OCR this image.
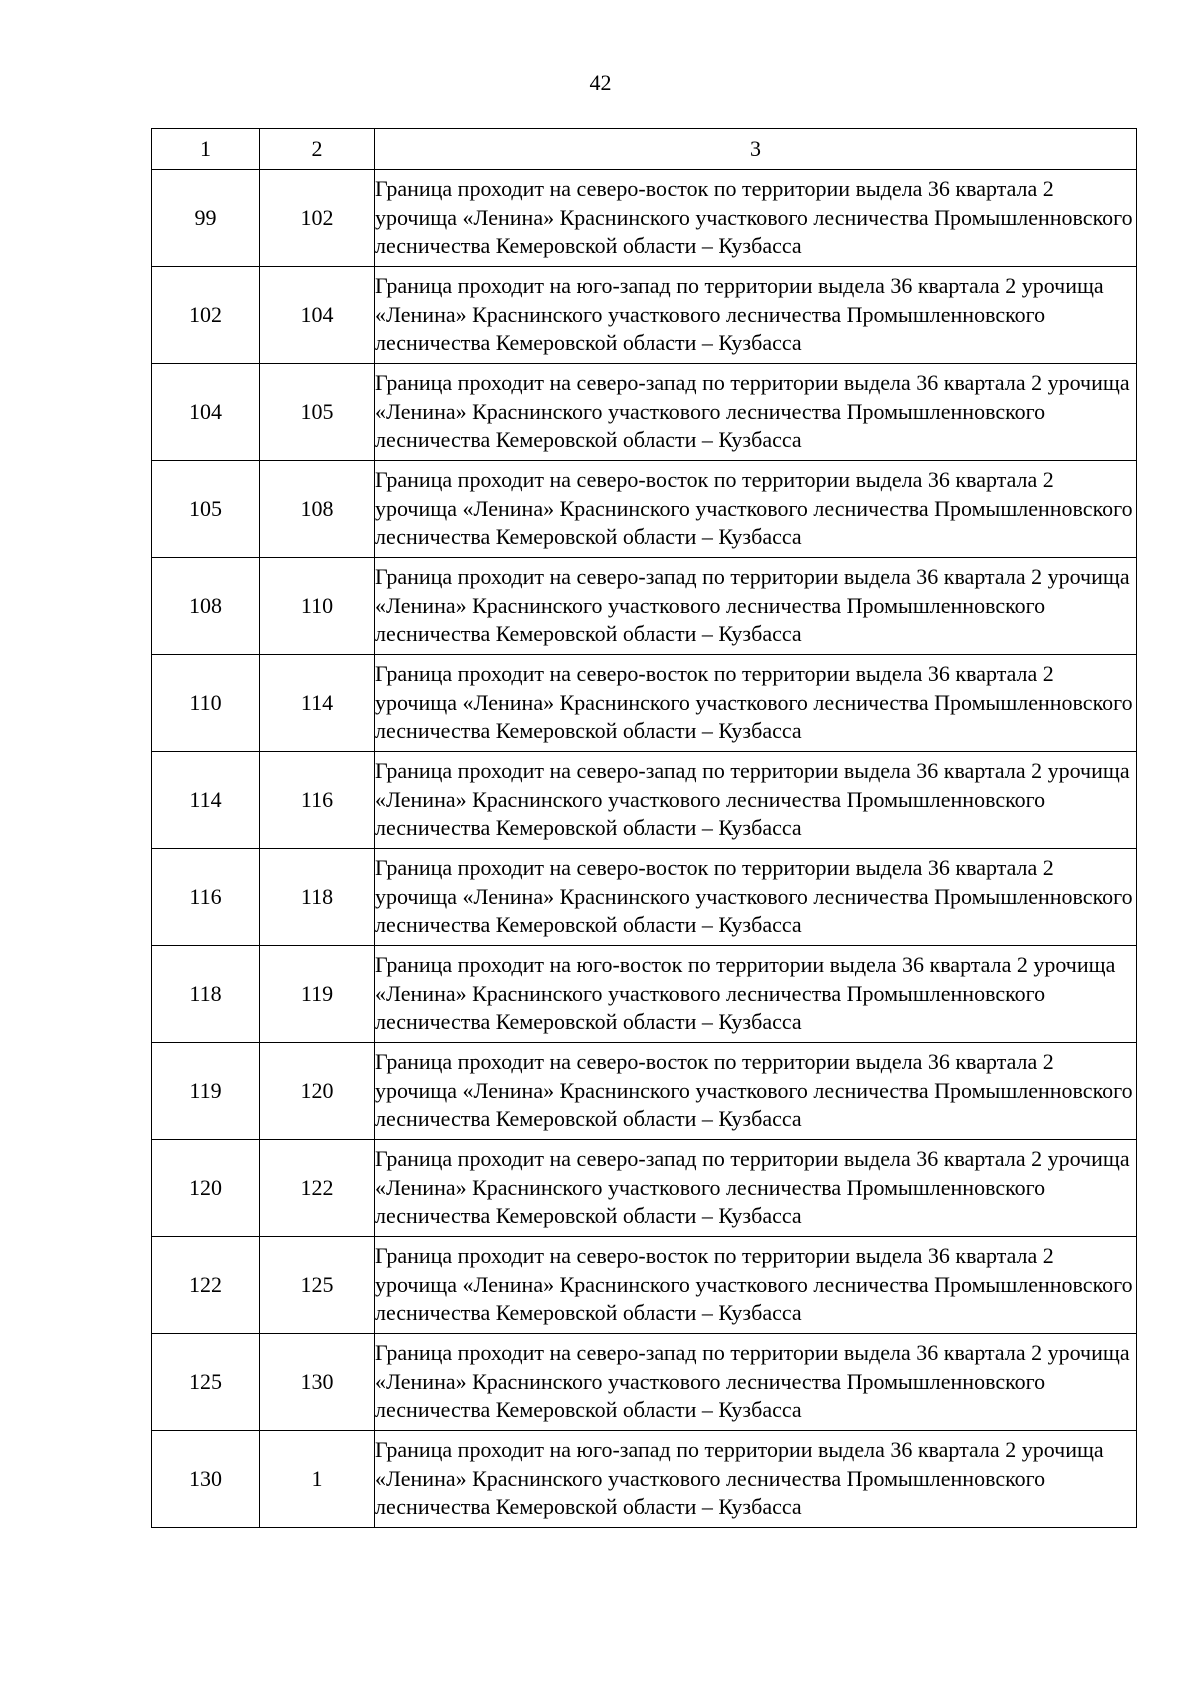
42
1	2	3
99	102	Граница проходит на северо-восток по территории выдела 36 квартала 2 урочища «Ленина» Краснинского участкового лесничества Промышленновского лесничества Кемеровской области – Кузбасса
102	104	Граница проходит на юго-запад по территории выдела 36 квартала 2 урочища «Ленина» Краснинского участкового лесничества Промышленновского лесничества Кемеровской области – Кузбасса
104	105	Граница проходит на северо-запад по территории выдела 36 квартала 2 урочища «Ленина» Краснинского участкового лесничества Промышленновского лесничества Кемеровской области – Кузбасса
105	108	Граница проходит на северо-восток по территории выдела 36 квартала 2 урочища «Ленина» Краснинского участкового лесничества Промышленновского лесничества Кемеровской области – Кузбасса
108	110	Граница проходит на северо-запад по территории выдела 36 квартала 2 урочища «Ленина» Краснинского участкового лесничества Промышленновского лесничества Кемеровской области – Кузбасса
110	114	Граница проходит на северо-восток по территории выдела 36 квартала 2 урочища «Ленина» Краснинского участкового лесничества Промышленновского лесничества Кемеровской области – Кузбасса
114	116	Граница проходит на северо-запад по территории выдела 36 квартала 2 урочища «Ленина» Краснинского участкового лесничества Промышленновского лесничества Кемеровской области – Кузбасса
116	118	Граница проходит на северо-восток по территории выдела 36 квартала 2 урочища «Ленина» Краснинского участкового лесничества Промышленновского лесничества Кемеровской области – Кузбасса
118	119	Граница проходит на юго-восток по территории выдела 36 квартала 2 урочища «Ленина» Краснинского участкового лесничества Промышленновского лесничества Кемеровской области – Кузбасса
119	120	Граница проходит на северо-восток по территории выдела 36 квартала 2 урочища «Ленина» Краснинского участкового лесничества Промышленновского лесничества Кемеровской области – Кузбасса
120	122	Граница проходит на северо-запад по территории выдела 36 квартала 2 урочища «Ленина» Краснинского участкового лесничества Промышленновского лесничества Кемеровской области – Кузбасса
122	125	Граница проходит на северо-восток по территории выдела 36 квартала 2 урочища «Ленина» Краснинского участкового лесничества Промышленновского лесничества Кемеровской области – Кузбасса
125	130	Граница проходит на северо-запад по территории выдела 36 квартала 2 урочища «Ленина» Краснинского участкового лесничества Промышленновского лесничества Кемеровской области – Кузбасса
130	1	Граница проходит на юго-запад по территории выдела 36 квартала 2 урочища «Ленина» Краснинского участкового лесничества Промышленновского лесничества Кемеровской области – Кузбасса
